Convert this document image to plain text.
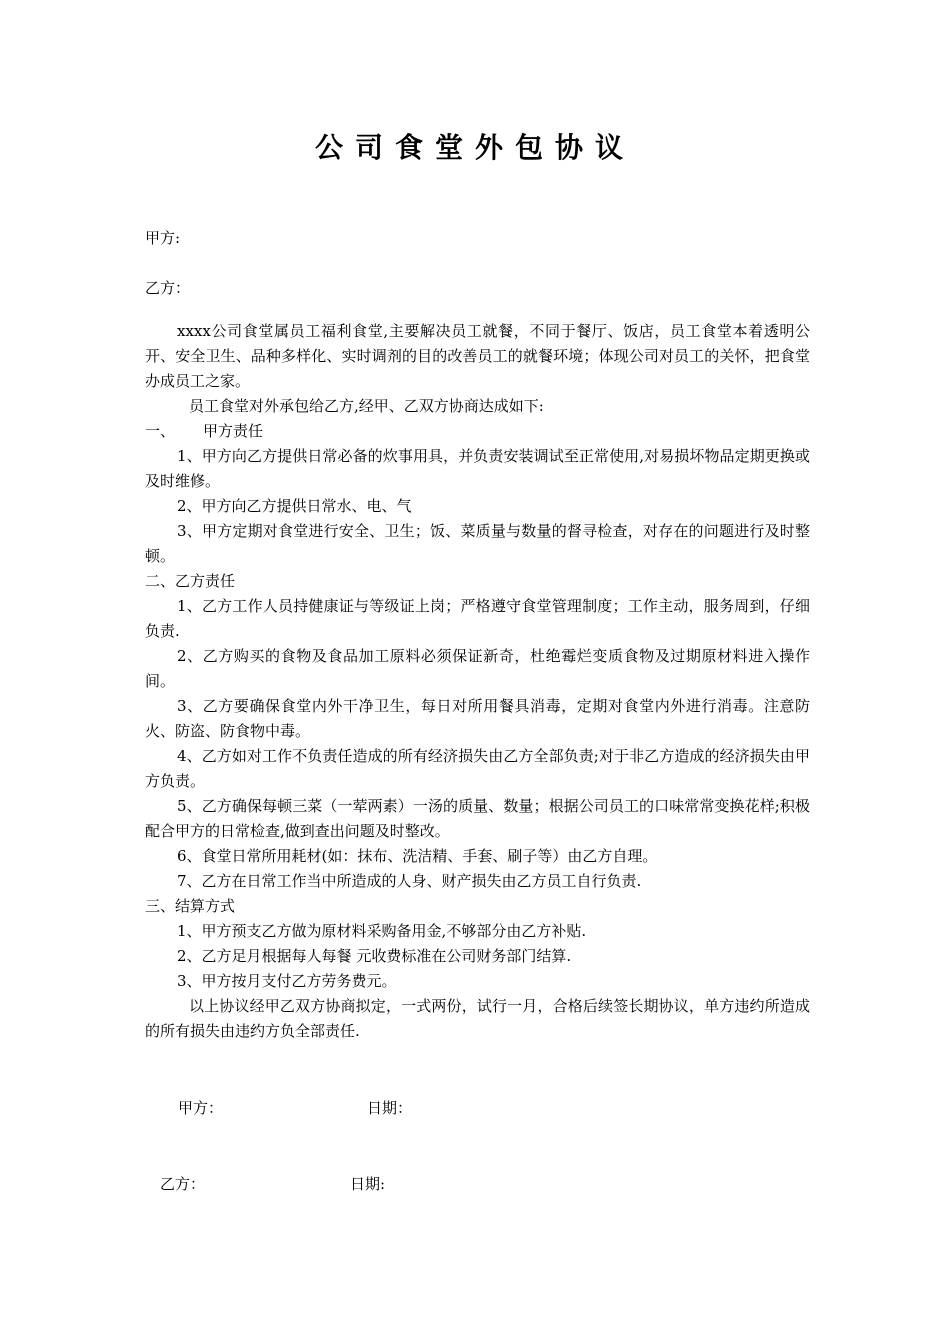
公司食堂外包协议
甲方:
乙方：

xxxx公司食堂属员工福利食堂,主要解决员工就餐，不同于餐厅、饭店，员工食堂本着透明公开、安全卫生、品种多样化、实时调剂的目的改善员工的就餐环境；体现公司对员工的关怀，把食堂办成员工之家。

员工食堂对外承包给乙方,经甲、乙双方协商达成如下:

一、 甲方责任

1、甲方向乙方提供日常必备的炊事用具，并负责安装调试至正常使用,对易损坏物品定期更换或及时维修。

2、甲方向乙方提供日常水、电、气

3、甲方定期对食堂进行安全、卫生；饭、菜质量与数量的督寻检查，对存在的问题进行及时整顿。

二、乙方责任

1、乙方工作人员持健康证与等级证上岗；严格遵守食堂管理制度；工作主动，服务周到，仔细负责.

2、乙方购买的食物及食品加工原料必须保证新奇，杜绝霉烂变质食物及过期原材料进入操作间。

3、乙方要确保食堂内外干净卫生，每日对所用餐具消毒，定期对食堂内外进行消毒。注意防火、防盗、防食物中毒。

4、乙方如对工作不负责任造成的所有经济损失由乙方全部负责;对于非乙方造成的经济损失由甲方负责。

5、乙方确保每顿三菜（一荤两素）一汤的质量、数量；根据公司员工的口味常常变换花样;积极配合甲方的日常检查,做到查出问题及时整改。

6、食堂日常所用耗材(如：抹布、洗洁精、手套、刷子等）由乙方自理。

7、乙方在日常工作当中所造成的人身、财产损失由乙方员工自行负责.

三、结算方式

1、甲方预支乙方做为原材料采购备用金,不够部分由乙方补贴.

2、乙方足月根据每人每餐 元收费标准在公司财务部门结算.

3、甲方按月支付乙方劳务费元。

以上协议经甲乙双方协商拟定，一式两份，试行一月，合格后续签长期协议，单方违约所造成的所有损失由违约方负全部责任.

甲方：	日期：
乙方：	日期:
